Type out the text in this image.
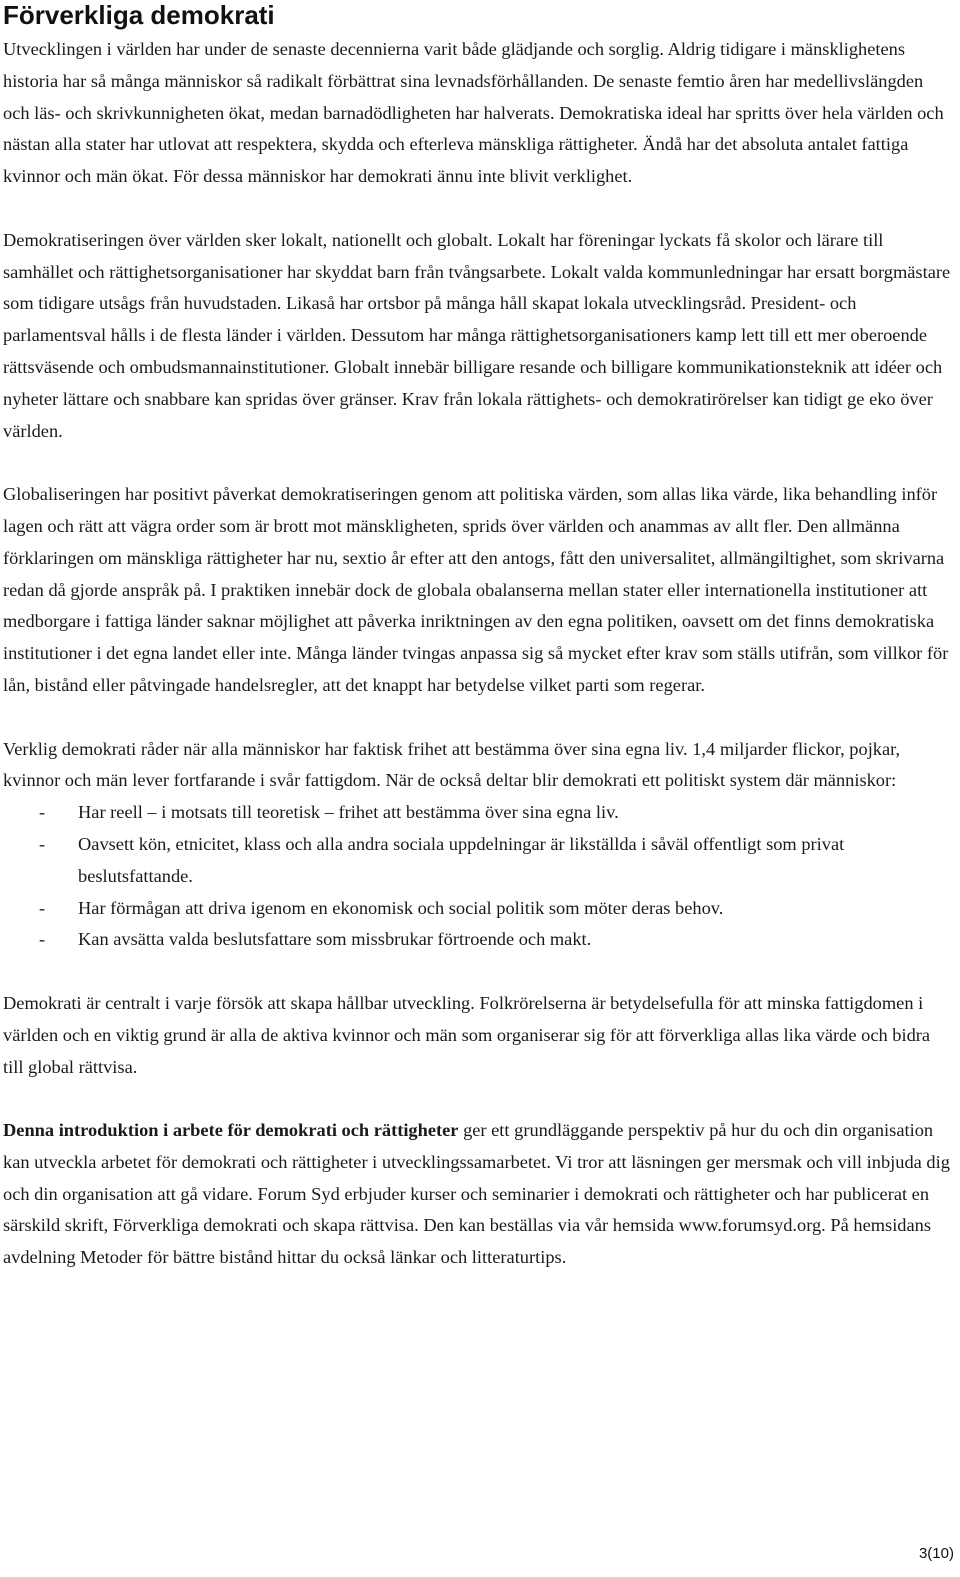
Förverkliga demokrati

Utvecklingen i världen har under de senaste decennierna varit både glädjande och sorglig. Aldrig tidigare i mänsklighetens historia har så många människor så radikalt förbättrat sina levnadsförhållanden. De senaste femtio åren har medellivslängden och läs- och skrivkunnigheten ökat, medan barnadödligheten har halverats. Demokratiska ideal har spritts över hela världen och nästan alla stater har utlovat att respektera, skydda och efterleva mänskliga rättigheter. Ändå har det absoluta antalet fattiga kvinnor och män ökat. För dessa människor har demokrati ännu inte blivit verklighet.

Demokratiseringen över världen sker lokalt, nationellt och globalt. Lokalt har föreningar lyckats få skolor och lärare till samhället och rättighetsorganisationer har skyddat barn från tvångsarbete. Lokalt valda kommunledningar har ersatt borgmästare som tidigare utsågs från huvudstaden. Likaså har ortsbor på många håll skapat lokala utvecklingsråd. President- och parlamentsval hålls i de flesta länder i världen. Dessutom har många rättighetsorganisationers kamp lett till ett mer oberoende rättsväsende och ombudsmannainstitutioner. Globalt innebär billigare resande och billigare kommunikationsteknik att idéer och nyheter lättare och snabbare kan spridas över gränser. Krav från lokala rättighets- och demokratirörelser kan tidigt ge eko över världen.

Globaliseringen har positivt påverkat demokratiseringen genom att politiska värden, som allas lika värde, lika behandling inför lagen och rätt att vägra order som är brott mot mänskligheten, sprids över världen och anammas av allt fler. Den allmänna förklaringen om mänskliga rättigheter har nu, sextio år efter att den antogs, fått den universalitet, allmängiltighet, som skrivarna redan då gjorde anspråk på. I praktiken innebär dock de globala obalanserna mellan stater eller internationella institutioner att medborgare i fattiga länder saknar möjlighet att påverka inriktningen av den egna politiken, oavsett om det finns demokratiska institutioner i det egna landet eller inte. Många länder tvingas anpassa sig så mycket efter krav som ställs utifrån, som villkor för lån, bistånd eller påtvingade handelsregler, att det knappt har betydelse vilket parti som regerar.

Verklig demokrati råder när alla människor har faktisk frihet att bestämma över sina egna liv. 1,4 miljarder flickor, pojkar, kvinnor och män lever fortfarande i svår fattigdom. När de också deltar blir demokrati ett politiskt system där människor:

- Har reell – i motsats till teoretisk – frihet att bestämma över sina egna liv.
- Oavsett kön, etnicitet, klass och alla andra sociala uppdelningar är likställda i såväl offentligt som privat beslutsfattande.
- Har förmågan att driva igenom en ekonomisk och social politik som möter deras behov.
- Kan avsätta valda beslutsfattare som missbrukar förtroende och makt.

Demokrati är centralt i varje försök att skapa hållbar utveckling. Folkrörelserna är betydelsefulla för att minska fattigdomen i världen och en viktig grund är alla de aktiva kvinnor och män som organiserar sig för att förverkliga allas lika värde och bidra till global rättvisa.

Denna introduktion i arbete för demokrati och rättigheter ger ett grundläggande perspektiv på hur du och din organisation kan utveckla arbetet för demokrati och rättigheter i utvecklingssamarbetet. Vi tror att läsningen ger mersmak och vill inbjuda dig och din organisation att gå vidare. Forum Syd erbjuder kurser och seminarier i demokrati och rättigheter och har publicerat en särskild skrift, Förverkliga demokrati och skapa rättvisa. Den kan beställas via vår hemsida www.forumsyd.org. På hemsidans avdelning Metoder för bättre bistånd hittar du också länkar och litteraturtips.

3(10)
